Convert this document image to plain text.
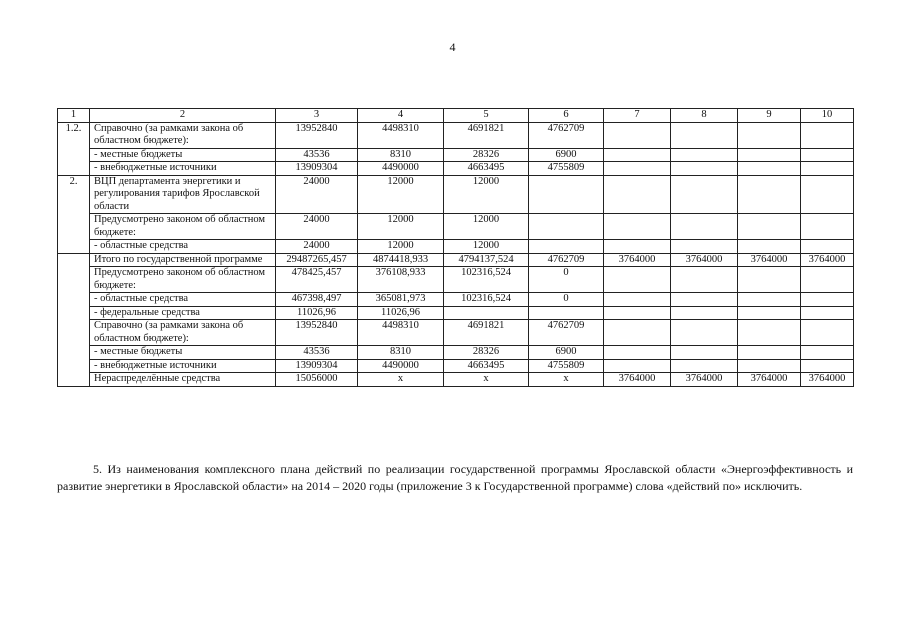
4
1	2	3	4	5	6	7	8	9	10
1.2.	Справочно (за рамками закона об областном бюджете):	13952840	4498310	4691821	4762709				
	- местные бюджеты	43536	8310	28326	6900				
	- внебюджетные источники	13909304	4490000	4663495	4755809				
2.	ВЦП департамента энергетики и регулирования тарифов Ярославской области	24000	12000	12000					
	Предусмотрено законом об областном бюджете:	24000	12000	12000					
	- областные средства	24000	12000	12000					
	Итого по государственной программе	29487265,457	4874418,933	4794137,524	4762709	3764000	3764000	3764000	3764000
	Предусмотрено законом об областном бюджете:	478425,457	376108,933	102316,524	0				
	- областные средства	467398,497	365081,973	102316,524	0				
	- федеральные средства	11026,96	11026,96						
	Справочно (за рамками закона об областном бюджете):	13952840	4498310	4691821	4762709				
	- местные бюджеты	43536	8310	28326	6900				
	- внебюджетные источники	13909304	4490000	4663495	4755809				
	Нераспределённые средства	15056000	х	х	х	3764000	3764000	3764000	3764000
5. Из наименования комплексного плана действий по реализации государственной программы Ярославской области «Энергоэффективность и развитие энергетики в Ярославской области» на 2014 – 2020 годы (приложение 3 к Государственной программе) слова «действий по» исключить.
